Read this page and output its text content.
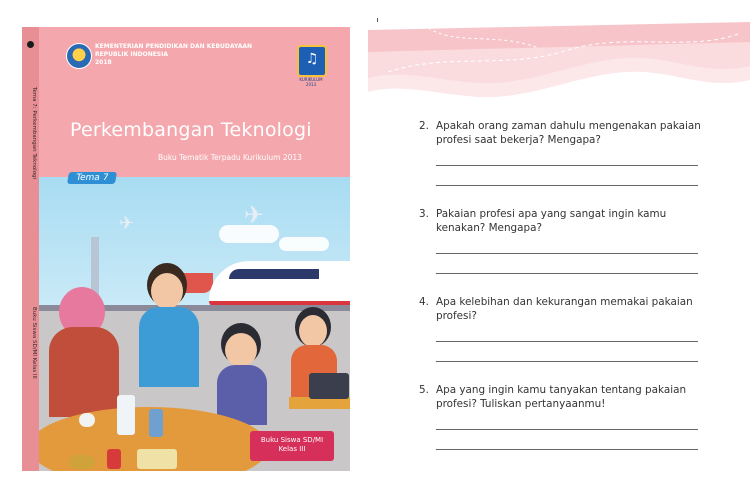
Tema 7: Perkembangan Teknologi
Buku Siswa SD/MI Kelas III
KEMENTERIAN PENDIDIKAN DAN KEBUDAYAAN
REPUBLIK INDONESIA
2018	♫
KURIKULUM 2013
Perkembangan Teknologi
Buku Tematik Terpadu Kurikulum 2013
Tema 7
✈
✈
Buku Siswa SD/MI
Kelas III
2. Apakah orang zaman dahulu mengenakan pakaian profesi saat bekerja? Mengapa?
3. Pakaian profesi apa yang sangat ingin kamu kenakan? Mengapa?
4. Apa kelebihan dan kekurangan memakai pakaian profesi?
5. Apa yang ingin kamu tanyakan tentang pakaian profesi? Tuliskan pertanyaanmu!
